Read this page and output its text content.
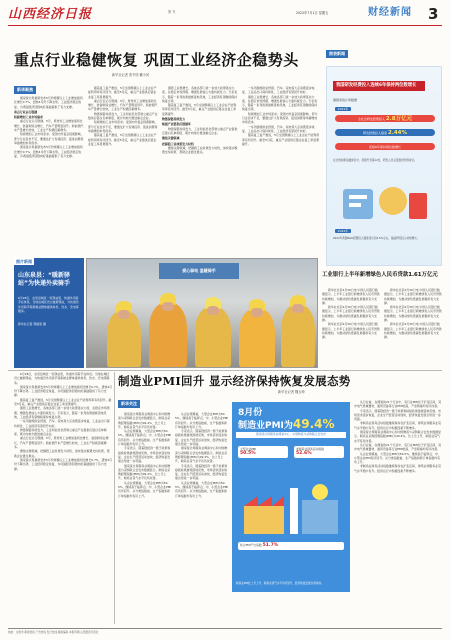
山西经济日报	第 号	2022年7月1日 星期五	财经新闻 3
重点行业稳健恢复 巩固工业经济企稳势头
新华社记者 张辛欣 戴小河
新华聚焦

国家统计局最新发布5月份规模以上工业增加值同比增长0.7%，扭转4月份下降态势。工业经济稳定恢复，为巩固经济回稳向好基础提供了有力支撑。

重点行业运行稳健

积极增加工业市场需求

重点行业运行稳健。5月，原材料工业增加值同比增长、装备制造业增长，汽车产量明显回升。新能源汽车产量增长较快，工业生产积极因素增多。

积极增加工业市场需求。受国内外复杂因素影响，部分行业需求不足，要通过扩大有效投资、促进消费等举措增加市场需求。

国家统计局最新发布5月份规模以上工业增加值同比增长0.7%，扭转4月份下降态势。工业经济稳定恢复，为巩固经济回稳向好基础提供了有力支撑。

随着复工复产推进，5月全国规模以上工业企业产能利用率有所回升。截至5月底，重点产业链供应链企业复工率显著提升。

重点行业运行稳健。5月，原材料工业增加值同比增长、装备制造业增长，汽车产量明显回升。新能源汽车产量增长较快，工业生产积极因素增多。

物链保链持续发力，工业和信息化部建立重点产业链供应链白名单制度，累计向地方推送重点企业。

积极增加工业市场需求。受国内外复杂因素影响，部分行业需求不足，要通过扩大有效投资、促进消费等举措增加市场需求。

随着复工复产推进，5月全国规模以上工业企业产能利用率有所回升。截至5月底，重点产业链供应链企业复工率显著提升。

围绕工业稳增长，各地各部门进一步加大政策落实力度，在稳定市场预期、增强发展信心方面持续发力。专家表示，随着一系列政策措施落地见效，工业经济有望继续保持恢复态势。

随着复工复产推进，5月全国规模以上工业企业产能利用率有所回升。截至5月底，重点产业链供应链企业复工率显著提升。

物链保链持续发力

畅通产业链供应链循环

物链保链持续发力，工业和信息化部建立重点产业链供应链白名单制度，累计向地方推送重点企业。

聚焦关键领域

把握稳工业政策发力时机

聚焦关键领域，把握稳工业政策发力时机，加快落实税费支持政策，帮助企业渡过难关。

一系列措施助企纾困，汽车、家电等大宗消费逐步恢复，工业品出口保持韧性，工业经济有望回升向好。

围绕工业稳增长，各地各部门进一步加大政策落实力度，在稳定市场预期、增强发展信心方面持续发力。专家表示，随着一系列政策措施落地见效，工业经济有望继续保持恢复态势。

积极增加工业市场需求。受国内外复杂因素影响，部分行业需求不足，要通过扩大有效投资、促进消费等举措增加市场需求。

一系列措施助企纾困，汽车、家电等大宗消费逐步恢复，工业品出口保持韧性，工业经济有望回升向好。

随着复工复产推进，5月全国规模以上工业企业产能利用率有所回升。截至5月底，重点产业链供应链企业复工率显著提升。

图表新闻
我国研发经费投入连续6年保持两位数增长
据国家统计局数据
2021年
全社会研发经费投入 2.8万亿元
研发经费投入强度 2.44%
连续6年保持两位数增长
在全球创新指数排名中，我国升至第12位，研发人员总量稳居世界首位。
2022年
2022年我国R&D经费投入强度将达到2.5%左右，基础研究投入持续增长。
山东泉县：“暖新驿站”为快递外卖骑手

6月28日，在泉县城区一家驿站里，快递外卖骑手在休息。当地在城区设立暖新驿站，为快递员外卖骑手等新就业群体提供休息、饮水、充电等服务。

新华社记者 郭绪雷 摄

图片新闻
爱心驿站 温暖骑手
工业银行上半年新增绿色人民币贷款1.61万亿元

新华社北京6月30日电 中国人民银行数据显示，上半年工业银行新增绿色人民币贷款持续增加，为推动绿色低碳发展提供有力支撑。

新华社北京6月30日电 中国人民银行数据显示，上半年工业银行新增绿色人民币贷款持续增加，为推动绿色低碳发展提供有力支撑。

新华社北京6月30日电 中国人民银行数据显示，上半年工业银行新增绿色人民币贷款持续增加，为推动绿色低碳发展提供有力支撑。

新华社北京6月30日电 中国人民银行数据显示，上半年工业银行新增绿色人民币贷款持续增加，为推动绿色低碳发展提供有力支撑。

新华社北京6月30日电 中国人民银行数据显示，上半年工业银行新增绿色人民币贷款持续增加，为推动绿色低碳发展提供有力支撑。

新华社北京6月30日电 中国人民银行数据显示，上半年工业银行新增绿色人民币贷款持续增加，为推动绿色低碳发展提供有力支撑。

6月28日，在泉县城区一家驿站里，快递外卖骑手在休息。当地在城区设立暖新驿站，为快递员外卖骑手等新就业群体提供休息、饮水、充电等服务。

国家统计局最新发布5月份规模以上工业增加值同比增长0.7%，扭转4月份下降态势。工业经济稳定恢复，为巩固经济回稳向好基础提供了有力支撑。

随着复工复产推进，5月全国规模以上工业企业产能利用率有所回升。截至5月底，重点产业链供应链企业复工率显著提升。

围绕工业稳增长，各地各部门进一步加大政策落实力度，在稳定市场预期、增强发展信心方面持续发力。专家表示，随着一系列政策措施落地见效，工业经济有望继续保持恢复态势。

一系列措施助企纾困，汽车、家电等大宗消费逐步恢复，工业品出口保持韧性，工业经济有望回升向好。

物链保链持续发力，工业和信息化部建立重点产业链供应链白名单制度，累计向地方推送重点企业。

重点行业运行稳健。5月，原材料工业增加值同比增长、装备制造业增长，汽车产量明显回升。新能源汽车产量增长较快，工业生产积极因素增多。

聚焦关键领域，把握稳工业政策发力时机，加快落实税费支持政策，帮助企业渡过难关。

国家统计局最新发布5月份规模以上工业增加值同比增长0.7%，扭转4月份下降态势。工业经济稳定恢复，为巩固经济回稳向好基础提供了有力支撑。

制造业PMI回升 显示经济保持恢复发展态势
新华社记者 魏玉坤
新华关注

国家统计局服务业调查中心和中国物流与采购联合会发布数据显示，制造业采购经理指数(PMI)为49.4%，比上月上升，制造业景气水平有所改善。

从企业规模看，大型企业PMI为50.5%，继续高于临界点；中、小型企业PMI有所回升。从分类指数看，生产指数和新订单指数均有所上升。

专家表示，随着稳经济一揽子政策和接续政策措施落地见效，市场需求逐步恢复，企业生产经营活动加快，经济恢复发展态势进一步巩固。

国家统计局服务业调查中心和中国物流与采购联合会发布数据显示，制造业采购经理指数(PMI)为49.4%，比上月上升，制造业景气水平有所改善。

从企业规模看，大型企业PMI为50.5%，继续高于临界点；中、小型企业PMI有所回升。从分类指数看，生产指数和新订单指数均有所上升。

从企业规模看，大型企业PMI为50.5%，继续高于临界点；中、小型企业PMI有所回升。从分类指数看，生产指数和新订单指数均有所上升。

专家表示，随着稳经济一揽子政策和接续政策措施落地见效，市场需求逐步恢复，企业生产经营活动加快，经济恢复发展态势进一步巩固。

国家统计局服务业调查中心和中国物流与采购联合会发布数据显示，制造业采购经理指数(PMI)为49.4%，比上月上升，制造业景气水平有所改善。

专家表示，随着稳经济一揽子政策和接续政策措施落地见效，市场需求逐步恢复，企业生产经营活动加快，经济恢复发展态势进一步巩固。

从企业规模看，大型企业PMI为50.5%，继续高于临界点；中、小型企业PMI有所回升。从分类指数看，生产指数和新订单指数均有所上升。

8月份
制造业PMI为49.4%
国家统计局服务业调查中心、中国物流与采购联合会发布
大型企业PMI
50.5%
非制造业商务活动指数
52.6%
综合PMI产出指数 51.7%
制造业PMI比上月上升，制造业景气水平有所回升，经济恢复发展态势持续。

从行业看，在调查的21个行业中，有行业PMI位于扩张区间，其中电气机械器材、通用设备等行业PMI较高，产需两端均有所改善。

专家表示，随着稳经济一揽子政策和接续政策措施落地见效，市场需求逐步恢复，企业生产经营活动加快，经济恢复发展态势进一步巩固。

非制造业商务活动指数继续保持在扩张区间，建筑业和服务业景气水平稳中有升。经济运行中积极因素不断增多。

国家统计局服务业调查中心和中国物流与采购联合会发布数据显示，制造业采购经理指数(PMI)为49.4%，比上月上升，制造业景气水平有所改善。

从行业看，在调查的21个行业中，有行业PMI位于扩张区间，其中电气机械器材、通用设备等行业PMI较高，产需两端均有所改善。

从企业规模看，大型企业PMI为50.5%，继续高于临界点；中、小型企业PMI有所回升。从分类指数看，生产指数和新订单指数均有所上升。

非制造业商务活动指数继续保持在扩张区间，建筑业和服务业景气水平稳中有升。经济运行中积极因素不断增多。

地址：太原市 新闻热线 广告热线 发行热线 邮政编码 本报印刷 山西经济日报社
